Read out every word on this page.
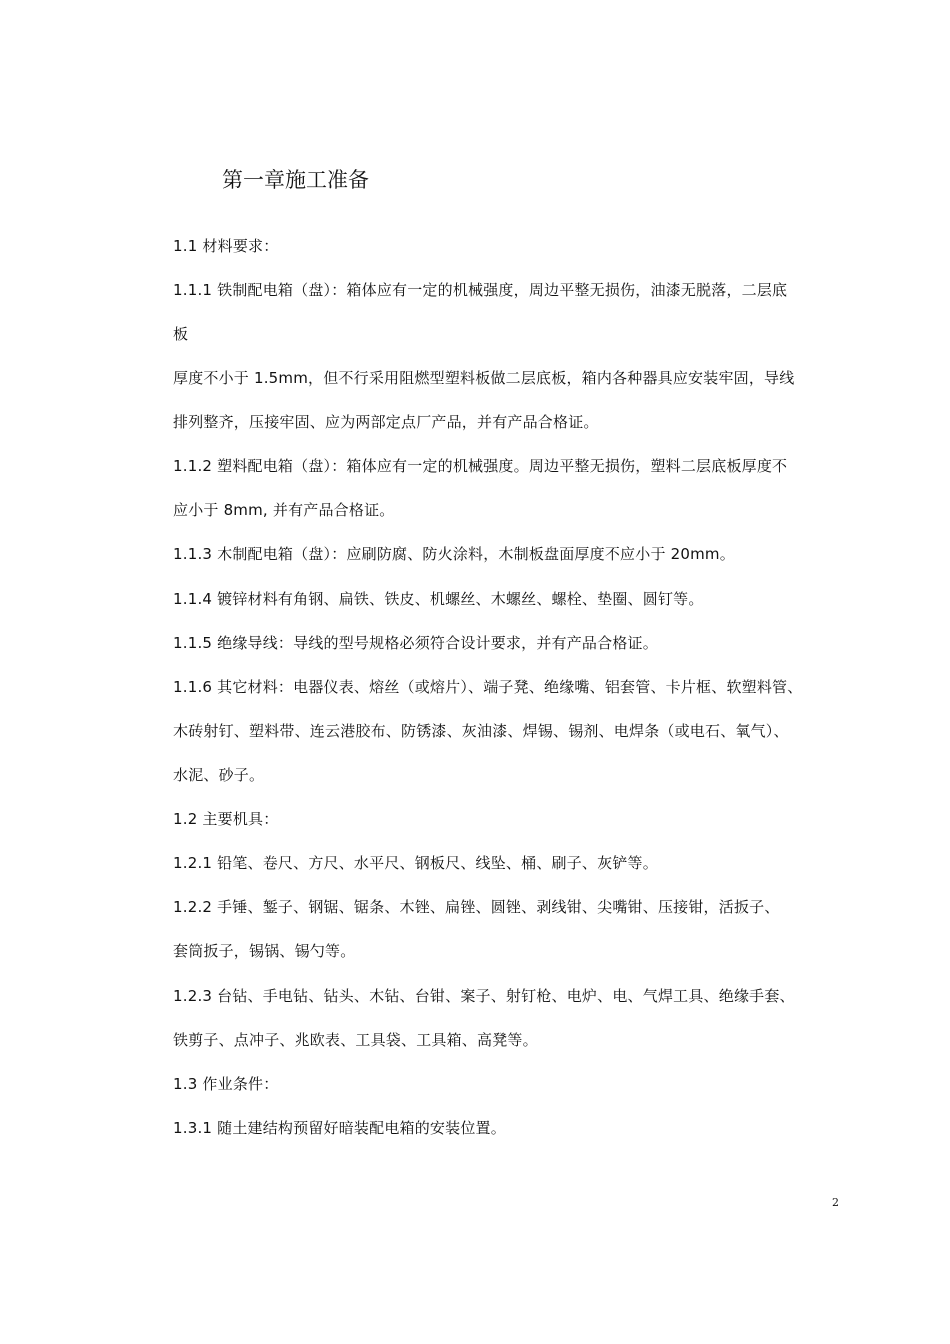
第一章施工准备
1.1 材料要求：
1.1.1 铁制配电箱（盘）：箱体应有一定的机械强度，周边平整无损伤，油漆无脱落，二层底
板
厚度不小于 1.5mm，但不行采用阻燃型塑料板做二层底板，箱内各种器具应安装牢固，导线
排列整齐，压接牢固、应为两部定点厂产品，并有产品合格证。
1.1.2 塑料配电箱（盘）：箱体应有一定的机械强度。周边平整无损伤，塑料二层底板厚度不
应小于 8mm, 并有产品合格证。
1.1.3 木制配电箱（盘）：应刷防腐、防火涂料，木制板盘面厚度不应小于 20mm。
1.1.4 镀锌材料有角钢、扁铁、铁皮、机螺丝、木螺丝、螺栓、垫圈、圆钉等。
1.1.5 绝缘导线：导线的型号规格必须符合设计要求，并有产品合格证。
1.1.6 其它材料：电器仪表、熔丝（或熔片）、端子凳、绝缘嘴、铝套管、卡片框、软塑料管、
木砖射钉、塑料带、连云港胶布、防锈漆、灰油漆、焊锡、锡剂、电焊条（或电石、氧气）、
水泥、砂子。
1.2 主要机具：
1.2.1 铅笔、卷尺、方尺、水平尺、钢板尺、线坠、桶、刷子、灰铲等。
1.2.2 手锤、錾子、钢锯、锯条、木锉、扁锉、圆锉、剥线钳、尖嘴钳、压接钳，活扳子、
套筒扳子，锡锅、锡勺等。
1.2.3 台钻、手电钻、钻头、木钻、台钳、案子、射钉枪、电炉、电、气焊工具、绝缘手套、
铁剪子、点冲子、兆欧表、工具袋、工具箱、高凳等。
1.3 作业条件：
1.3.1 随土建结构预留好暗装配电箱的安装位置。
2
